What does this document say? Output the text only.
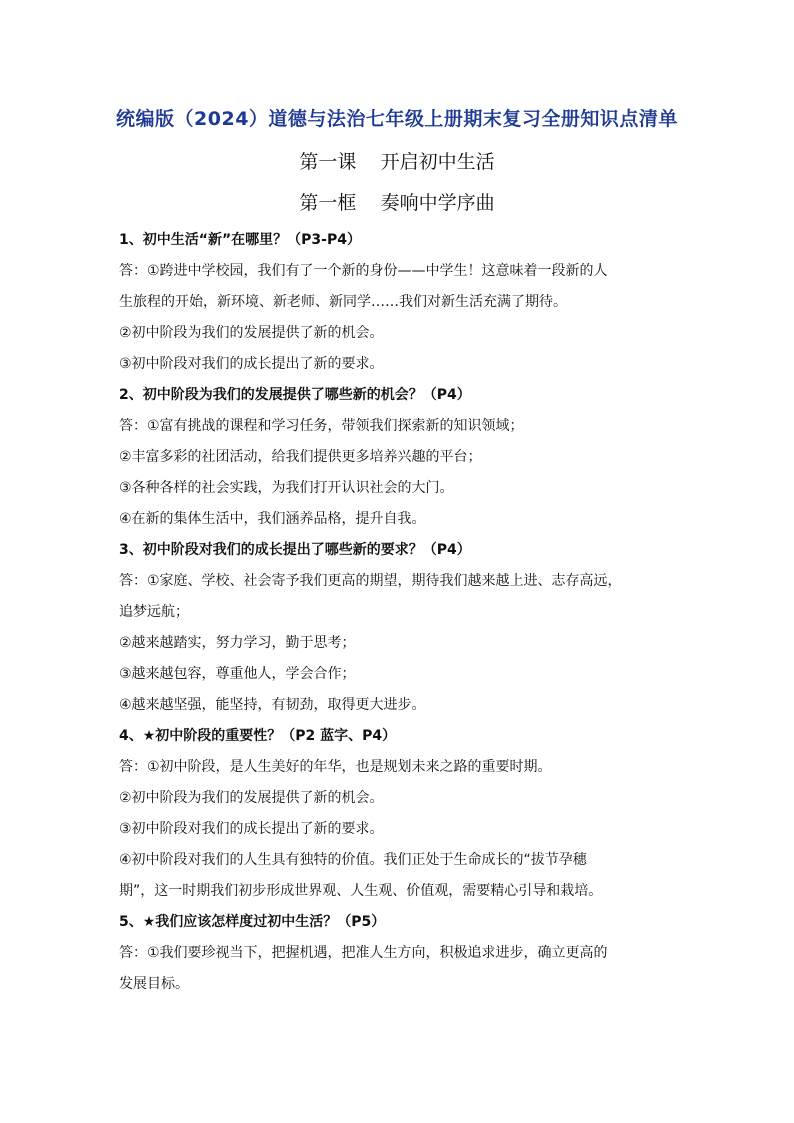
统编版（2024）道德与法治七年级上册期末复习全册知识点清单
第一课    开启初中生活
第一框    奏响中学序曲
1、初中生活“新”在哪里？（P3-P4）
答：①跨进中学校园，我们有了一个新的身份——中学生！这意味着一段新的人
生旅程的开始，新环境、新老师、新同学……我们对新生活充满了期待。
②初中阶段为我们的发展提供了新的机会。
③初中阶段对我们的成长提出了新的要求。
2、初中阶段为我们的发展提供了哪些新的机会？（P4）
答：①富有挑战的课程和学习任务，带领我们探索新的知识领域；
②丰富多彩的社团活动，给我们提供更多培养兴趣的平台；
③各种各样的社会实践，为我们打开认识社会的大门。
④在新的集体生活中，我们涵养品格，提升自我。
3、初中阶段对我们的成长提出了哪些新的要求？（P4）
答：①家庭、学校、社会寄予我们更高的期望，期待我们越来越上进、志存高远，
追梦远航；
②越来越踏实，努力学习，勤于思考；
③越来越包容，尊重他人，学会合作；
④越来越坚强，能坚持，有韧劲，取得更大进步。
4、★初中阶段的重要性？（P2 蓝字、P4）
答：①初中阶段，是人生美好的年华，也是规划未来之路的重要时期。
②初中阶段为我们的发展提供了新的机会。
③初中阶段对我们的成长提出了新的要求。
④初中阶段对我们的人生具有独特的价值。我们正处于生命成长的“拔节孕穗
期”，这一时期我们初步形成世界观、人生观、价值观，需要精心引导和栽培。
5、★我们应该怎样度过初中生活？（P5）
答：①我们要珍视当下，把握机遇，把准人生方向，积极追求进步，确立更高的
发展目标。
